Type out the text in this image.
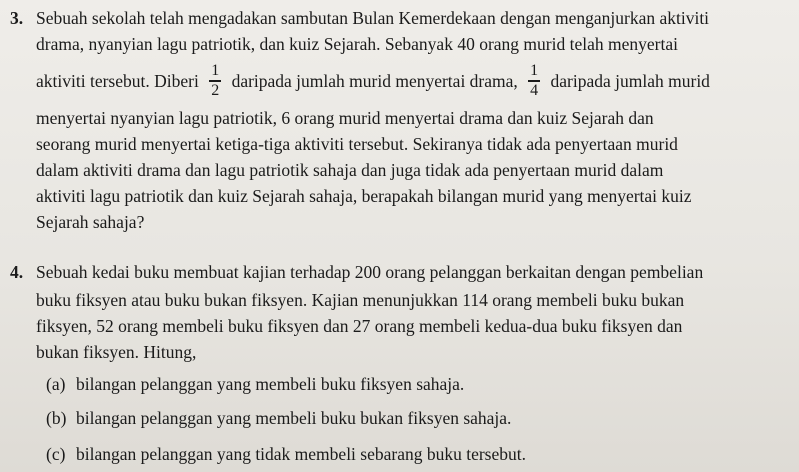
3. Sebuah sekolah telah mengadakan sambutan Bulan Kemerdekaan dengan menganjurkan aktiviti
drama, nyanyian lagu patriotik, dan kuiz Sejarah. Sebanyak 40 orang murid telah menyertai
aktiviti tersebut. Diberi $\frac{1}{2}$ daripada jumlah murid menyertai drama, $\frac{1}{4}$ daripada jumlah murid
menyertai nyanyian lagu patriotik, 6 orang murid menyertai drama dan kuiz Sejarah dan
seorang murid menyertai ketiga-tiga aktiviti tersebut. Sekiranya tidak ada penyertaan murid
dalam aktiviti drama dan lagu patriotik sahaja dan juga tidak ada penyertaan murid dalam
aktiviti lagu patriotik dan kuiz Sejarah sahaja, berapakah bilangan murid yang menyertai kuiz
Sejarah sahaja?
4. Sebuah kedai buku membuat kajian terhadap 200 orang pelanggan berkaitan dengan pembelian
buku fiksyen atau buku bukan fiksyen. Kajian menunjukkan 114 orang membeli buku bukan
fiksyen, 52 orang membeli buku fiksyen dan 27 orang membeli kedua-dua buku fiksyen dan
bukan fiksyen. Hitung,
(a) bilangan pelanggan yang membeli buku fiksyen sahaja.
(b) bilangan pelanggan yang membeli buku bukan fiksyen sahaja.
(c) bilangan pelanggan yang tidak membeli sebarang buku tersebut.
